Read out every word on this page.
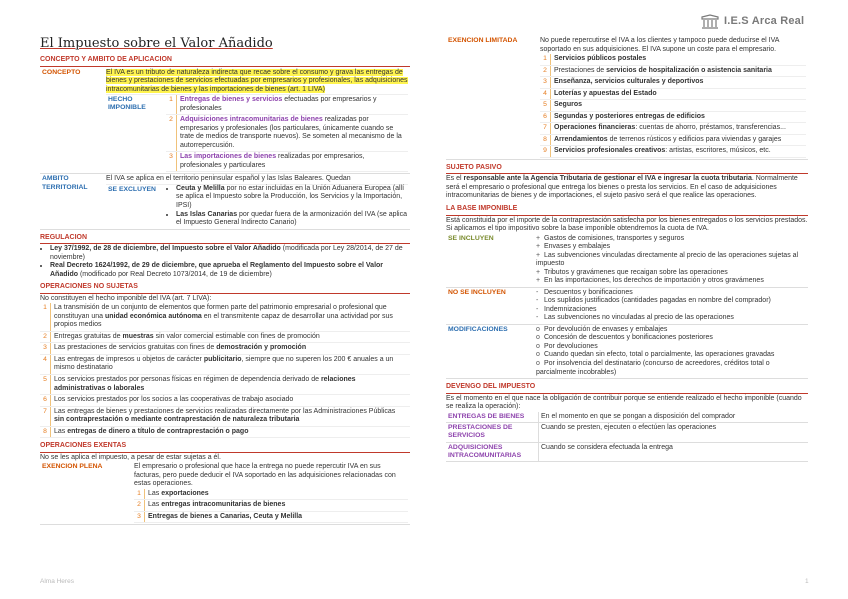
I.E.S Arca Real
El Impuesto sobre el Valor Añadido
CONCEPTO Y AMBITO DE APLICACION
CONCEPTO	El IVA es un tributo de naturaleza indirecta que recae sobre el consumo y grava las entregas de bienes y prestaciones de servicios efectuadas por empresarios y profesionales, las adquisiciones intracomunitarias de bienes y las importaciones de bienes (art. 1 LIVA)
HECHO IMPONIBLE
1	Entregas de bienes y servicios efectuadas por empresarios y profesionales
2	Adquisiciones intracomunitarias de bienes realizadas por empresarios y profesionales (los particulares, únicamente cuando se trate de medios de transporte nuevos). Se someten al mecanismo de la autorrepercusión.
3	Las importaciones de bienes realizadas por empresarios, profesionales y particulares
AMBITO TERRITORIAL
El IVA se aplica en el territorio peninsular español y las Islas Baleares. Quedan
SE EXCLUYEN
•	Ceuta y Melilla por no estar incluidas en la Unión Aduanera Europea (allí se aplica el Impuesto sobre la Producción, los Servicios y la Importación, IPSI)
• Las Islas Canarias por quedar fuera de la armonización del IVA (se aplica el Impuesto General Indirecto Canario)
REGULACION
• Ley 37/1992, de 28 de diciembre, del Impuesto sobre el Valor Añadido (modificada por Ley 28/2014, de 27 de noviembre)
• Real Decreto 1624/1992, de 29 de diciembre, que aprueba el Reglamento del Impuesto sobre el Valor Añadido (modificado por Real Decreto 1073/2014, de 19 de diciembre)
OPERACIONES NO SUJETAS
No constituyen el hecho imponible del IVA (art. 7 LIVA):
1	La transmisión de un conjunto de elementos que formen parte del patrimonio empresarial o profesional que constituyan una unidad económica autónoma en el transmitente capaz de desarrollar una actividad por sus propios medios
2	Entregas gratuitas de muestras sin valor comercial estimable con fines de promoción
3	Las prestaciones de servicios gratuitas con fines de demostración y promoción
4	Las entregas de impresos u objetos de carácter publicitario, siempre que no superen los 200 € anuales a un mismo destinatario
5	Los servicios prestados por personas físicas en régimen de dependencia derivado de relaciones administrativas o laborales
6	Los servicios prestados por los socios a las cooperativas de trabajo asociado
7	Las entregas de bienes y prestaciones de servicios realizadas directamente por las Administraciones Públicas sin contraprestación o mediante contraprestación de naturaleza tributaria
8	Las entregas de dinero a título de contraprestación o pago
OPERACIONES EXENTAS
No se les aplica el impuesto, a pesar de estar sujetas a él.
EXENCION PLENA	El empresario o profesional que hace la entrega no puede repercutir IVA en sus facturas, pero puede deducir el IVA soportado en las adquisiciones relacionadas con estas operaciones.
1	Las exportaciones
2	Las entregas intracomunitarias de bienes
3	Entregas de bienes a Canarias, Ceuta y Melilla
EXENCION LIMITADA	No puede repercutirse el IVA a los clientes y tampoco puede deducirse el IVA soportado en sus adquisiciones. El IVA supone un coste para el empresario.
1	Servicios públicos postales
2	Prestaciones de servicios de hospitalización o asistencia sanitaria
3	Enseñanza, servicios culturales y deportivos
4	Loterías y apuestas del Estado
5	Seguros
6	Segundas y posteriores entregas de edificios
7	Operaciones financieras: cuentas de ahorro, préstamos, transferencias...
8	Arrendamientos de terrenos rústicos y edificios para viviendas y garajes
9	Servicios profesionales creativos: artistas, escritores, músicos, etc.
SUJETO PASIVO
Es el responsable ante la Agencia Tributaria de gestionar el IVA e ingresar la cuota tributaria. Normalmente será el empresario o profesional que entrega los bienes o presta los servicios. En el caso de adquisiciones intracomunitarias de bienes y de importaciones, el sujeto pasivo será el que realice las operaciones.
LA BASE IMPONIBLE
Está constituida por el importe de la contraprestación satisfecha por los bienes entregados o los servicios prestados. Si aplicamos el tipo impositivo sobre la base imponible obtendremos la cuota de IVA.
SE INCLUYEN	+ Gastos de comisiones, transportes y seguros
+ Envases y embalajes
+ Las subvenciones vinculadas directamente al precio de las operaciones sujetas al impuesto
+ Tributos y gravámenes que recaigan sobre las operaciones
+ En las importaciones, los derechos de importación y otros gravámenes
NO SE INCLUYEN	- Descuentos y bonificaciones
- Los suplidos justificados (cantidades pagadas en nombre del comprador)
- Indemnizaciones
- Las subvenciones no vinculadas al precio de las operaciones
MODIFICACIONES	o Por devolución de envases y embalajes
o Concesión de descuentos y bonificaciones posteriores
o Por devoluciones
o Cuando quedan sin efecto, total o parcialmente, las operaciones gravadas
o Por insolvencia del destinatario (concurso de acreedores, créditos total o parcialmente incobrables)
DEVENGO DEL IMPUESTO
Es el momento en el que nace la obligación de contribuir porque se entiende realizado el hecho imponible (cuando se realiza la operación):
ENTREGAS DE BIENES	En el momento en que se pongan a disposición del comprador
PRESTACIONES DE SERVICIOS
Cuando se presten, ejecuten o efectúen las operaciones
ADQUISICIONES INTRACOMUNITARIAS
Cuando se considera efectuada la entrega
Alma Heres	1
